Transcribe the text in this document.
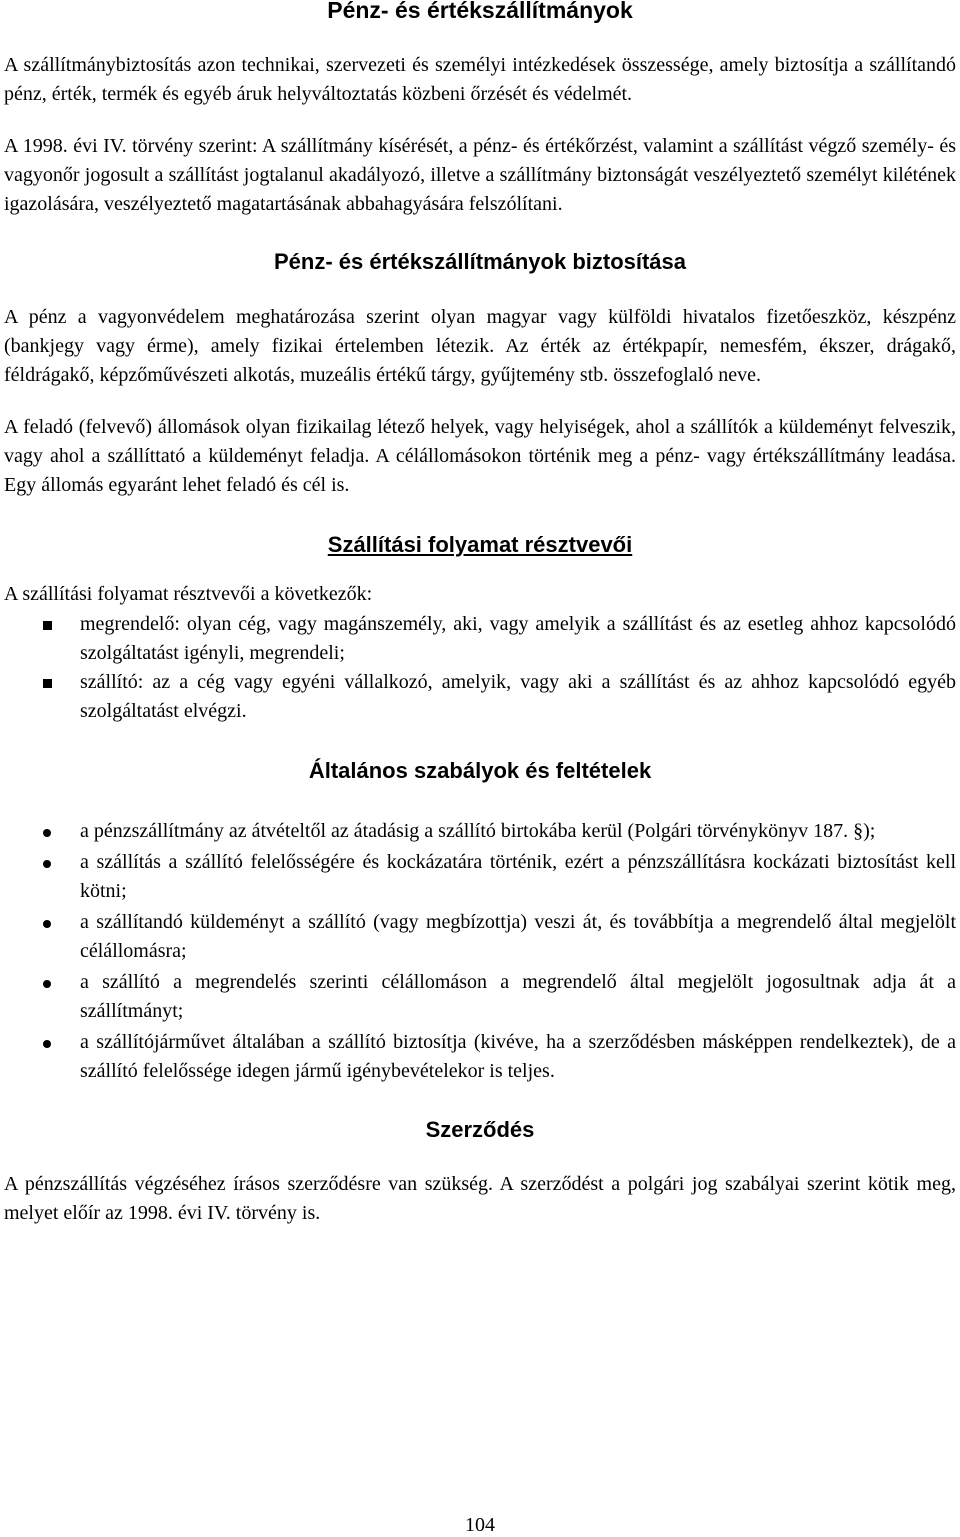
Pénz- és értékszállítmányok

A szállítmánybiztosítás azon technikai, szervezeti és személyi intézkedések összessége, amely biztosítja a szállítandó pénz, érték, termék és egyéb áruk helyváltoztatás közbeni őrzését és védelmét.

A 1998. évi IV. törvény szerint: A szállítmány kísérését, a pénz- és értékőrzést, valamint a szállítást végző személy- és vagyonőr jogosult a szállítást jogtalanul akadályozó, illetve a szállítmány biztonságát veszélyeztető személyt kilétének igazolására, veszélyeztető magatartásának abbahagyására felszólítani.

Pénz- és értékszállítmányok biztosítása

A pénz a vagyonvédelem meghatározása szerint olyan magyar vagy külföldi hivatalos fizetőeszköz, készpénz (bankjegy vagy érme), amely fizikai értelemben létezik. Az érték az értékpapír, nemesfém, ékszer, drágakő, féldrágakő, képzőművészeti alkotás, muzeális értékű tárgy, gyűjtemény stb. összefoglaló neve.

A feladó (felvevő) állomások olyan fizikailag létező helyek, vagy helyiségek, ahol a szállítók a küldeményt felveszik, vagy ahol a szállíttató a küldeményt feladja. A célállomásokon történik meg a pénz- vagy értékszállítmány leadása. Egy állomás egyaránt lehet feladó és cél is.

Szállítási folyamat résztvevői

A szállítási folyamat résztvevői a következők:

megrendelő: olyan cég, vagy magánszemély, aki, vagy amelyik a szállítást és az esetleg ahhoz kapcsolódó szolgáltatást igényli, megrendeli;
szállító: az a cég vagy egyéni vállalkozó, amelyik, vagy aki a szállítást és az ahhoz kapcsolódó egyéb szolgáltatást elvégzi.
Általános szabályok és feltételek
a pénzszállítmány az átvételtől az átadásig a szállító birtokába kerül (Polgári törvénykönyv 187. §);
a szállítás a szállító felelősségére és kockázatára történik, ezért a pénzszállításra kockázati biztosítást kell kötni;
a szállítandó küldeményt a szállító (vagy megbízottja) veszi át, és továbbítja a megrendelő által megjelölt célállomásra;
a szállító a megrendelés szerinti célállomáson a megrendelő által megjelölt jogosultnak adja át a szállítmányt;
a szállítójárművet általában a szállító biztosítja (kivéve, ha a szerződésben másképpen rendelkeztek), de a szállító felelőssége idegen jármű igénybevételekor is teljes.
Szerződés

A pénzszállítás végzéséhez írásos szerződésre van szükség. A szerződést a polgári jog szabályai szerint kötik meg, melyet előír az 1998. évi IV. törvény is.

104
